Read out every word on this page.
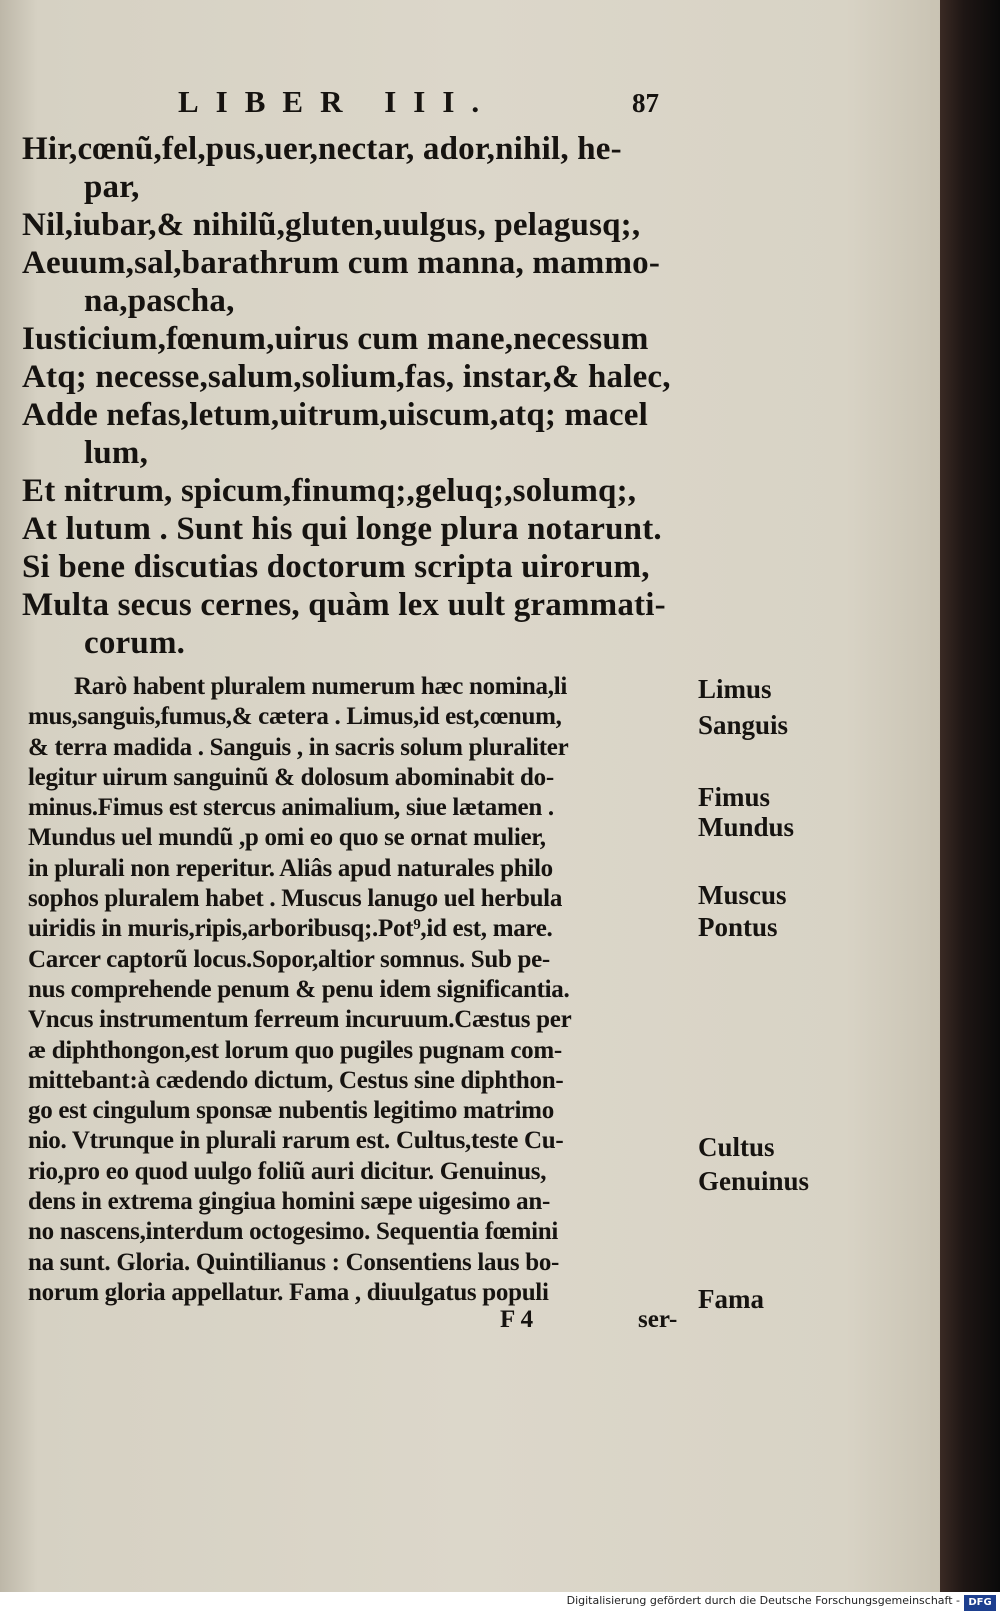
LIBER III.	87
Hir,cœnũ,fel,pus,uer,nectar, ador,nihil, he-
par,
Nil,iubar,& nihilũ,gluten,uulgus, pelagusq;,
Aeuum,sal,barathrum cum manna, mammo-
na,pascha,
Iusticium,fœnum,uirus cum mane,necessum
Atq; necesse,salum,solium,fas, instar,& halec,
Adde nefas,letum,uitrum,uiscum,atq; macel
lum,
Et nitrum, spicum,finumq;,geluq;,solumq;,
At lutum . Sunt his qui longe plura notarunt.
Si bene discutias doctorum scripta uirorum,
Multa secus cernes, quàm lex uult grammati-
corum.
Rarò habent pluralem numerum hæc nomina,li
mus,sanguis,fumus,& cætera . Limus,id est,cœnum,
& terra madida . Sanguis , in sacris solum pluraliter
legitur uirum sanguinũ & dolosum abominabit do-
minus.Fimus est stercus animalium, siue lætamen .
Mundus uel mundũ ,p omi eo quo se ornat mulier,
in plurali non reperitur. Aliâs apud naturales philo
sophos pluralem habet . Muscus lanugo uel herbula
uiridis in muris,ripis,arboribusq;.Pot⁹,id est, mare.
Carcer captorũ locus.Sopor,altior somnus. Sub pe-
nus comprehende penum & penu idem significantia.
Vncus instrumentum ferreum incuruum.Cæstus per
æ diphthongon,est lorum quo pugiles pugnam com-
mittebant:à cædendo dictum, Cestus sine diphthon-
go est cingulum sponsæ nubentis legitimo matrimo
nio. Vtrunque in plurali rarum est. Cultus,teste Cu-
rio,pro eo quod uulgo foliũ auri dicitur. Genuinus,
dens in extrema gingiua homini sæpe uigesimo an-
no nascens,interdum octogesimo. Sequentia fœmini
na sunt. Gloria. Quintilianus : Consentiens laus bo-
norum gloria appellatur. Fama , diuulgatus populi
F 4	ser-
Limus
Sanguis
Fimus
Mundus
Muscus
Pontus
Cultus
Genuinus
Fama
Digitalisierung gefördert durch die Deutsche Forschungsgemeinschaft - DFG
